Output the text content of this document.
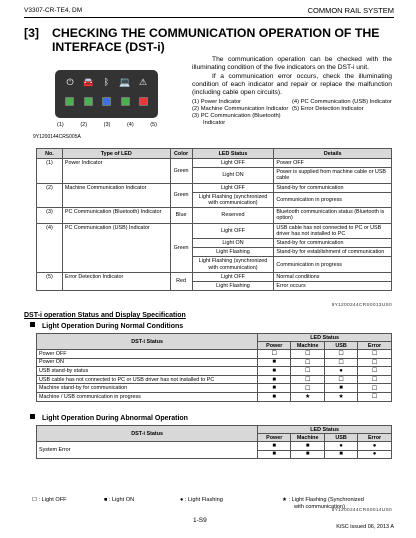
V3307-CR-TE4, DM	COMMON RAIL SYSTEM
[3] CHECKING THE COMMUNICATION OPERATION OF THE
INTERFACE (DST-i)
⏻	🚘	ᛒ	💻 ⚠
(1)	(2)	(3)	(4)	(5)
9Y1200144CRS005A

The communication operation can be checked with the illuminating condition of the five indicators on the DST-i unit.

If a communication error occurs, check the illuminating condition of each indicator and repair or replace the malfunction (including cable open circuits).

(1) Power Indicator
(2) Machine Communication Indicator
(3) PC Communication (Bluetooth)
Indicator
(4) PC Communication (USB) Indicator
(5) Error Detection Indicator
No.	Type of LED	Color	LED Status	Details
(1)	Power Indicator	Green	Light OFF	Power OFF
			Light ON	Power is supplied from machine cable or USB cable
(2)	Machine Communication Indicator	Green	Light OFF	Stand-by for communication
			Light Flashing (synchronized with communication)	Communication in progress
(3)	PC Communication (Bluetooth) Indicator	Blue	Reserved	Bluetooth communication status (Bluetooth is option)
(4)	PC Communication (USB) Indicator	Green	Light OFF	USB cable has not connected to PC or USB driver has not installed to PC
			Light ON	Stand-by for communication
			Light Flashing	Stand-by for establishment of communication
			Light Flashing (synchronized with communication)	Communication in progress
(5)	Error Detection Indicator	Red	Light OFF	Normal conditions
			Light Flashing	Error occurs
9Y1200244CRS0013US0
DST-i operation Status and Display Specification
Light Operation During Normal Conditions
DST-i Status	LED Status			
	Power	Machine	USB	Error
Power OFF	☐	☐	☐	☐
Power ON	■	☐	☐	☐
USB stand-by status	■	☐	●	☐
USB cable has not connected to PC or USB driver has not installed to PC	■	☐	☐	☐
Machine stand-by for communication	■	☐	■	☐
Machine / USB communication in progress	■	★	★	☐
Light Operation During Abnormal Operation
DST-i Status	LED Status			
	Power	Machine	USB	Error
System Error	■	■	●	●
	■	■	■	●
☐ : Light OFF	■ : Light ON	● : Light Flashing	★ : Light Flashing (Synchronized
with communication)
9Y1200244CRS0014US0
1-S9
KiSC issued 06, 2013 A
